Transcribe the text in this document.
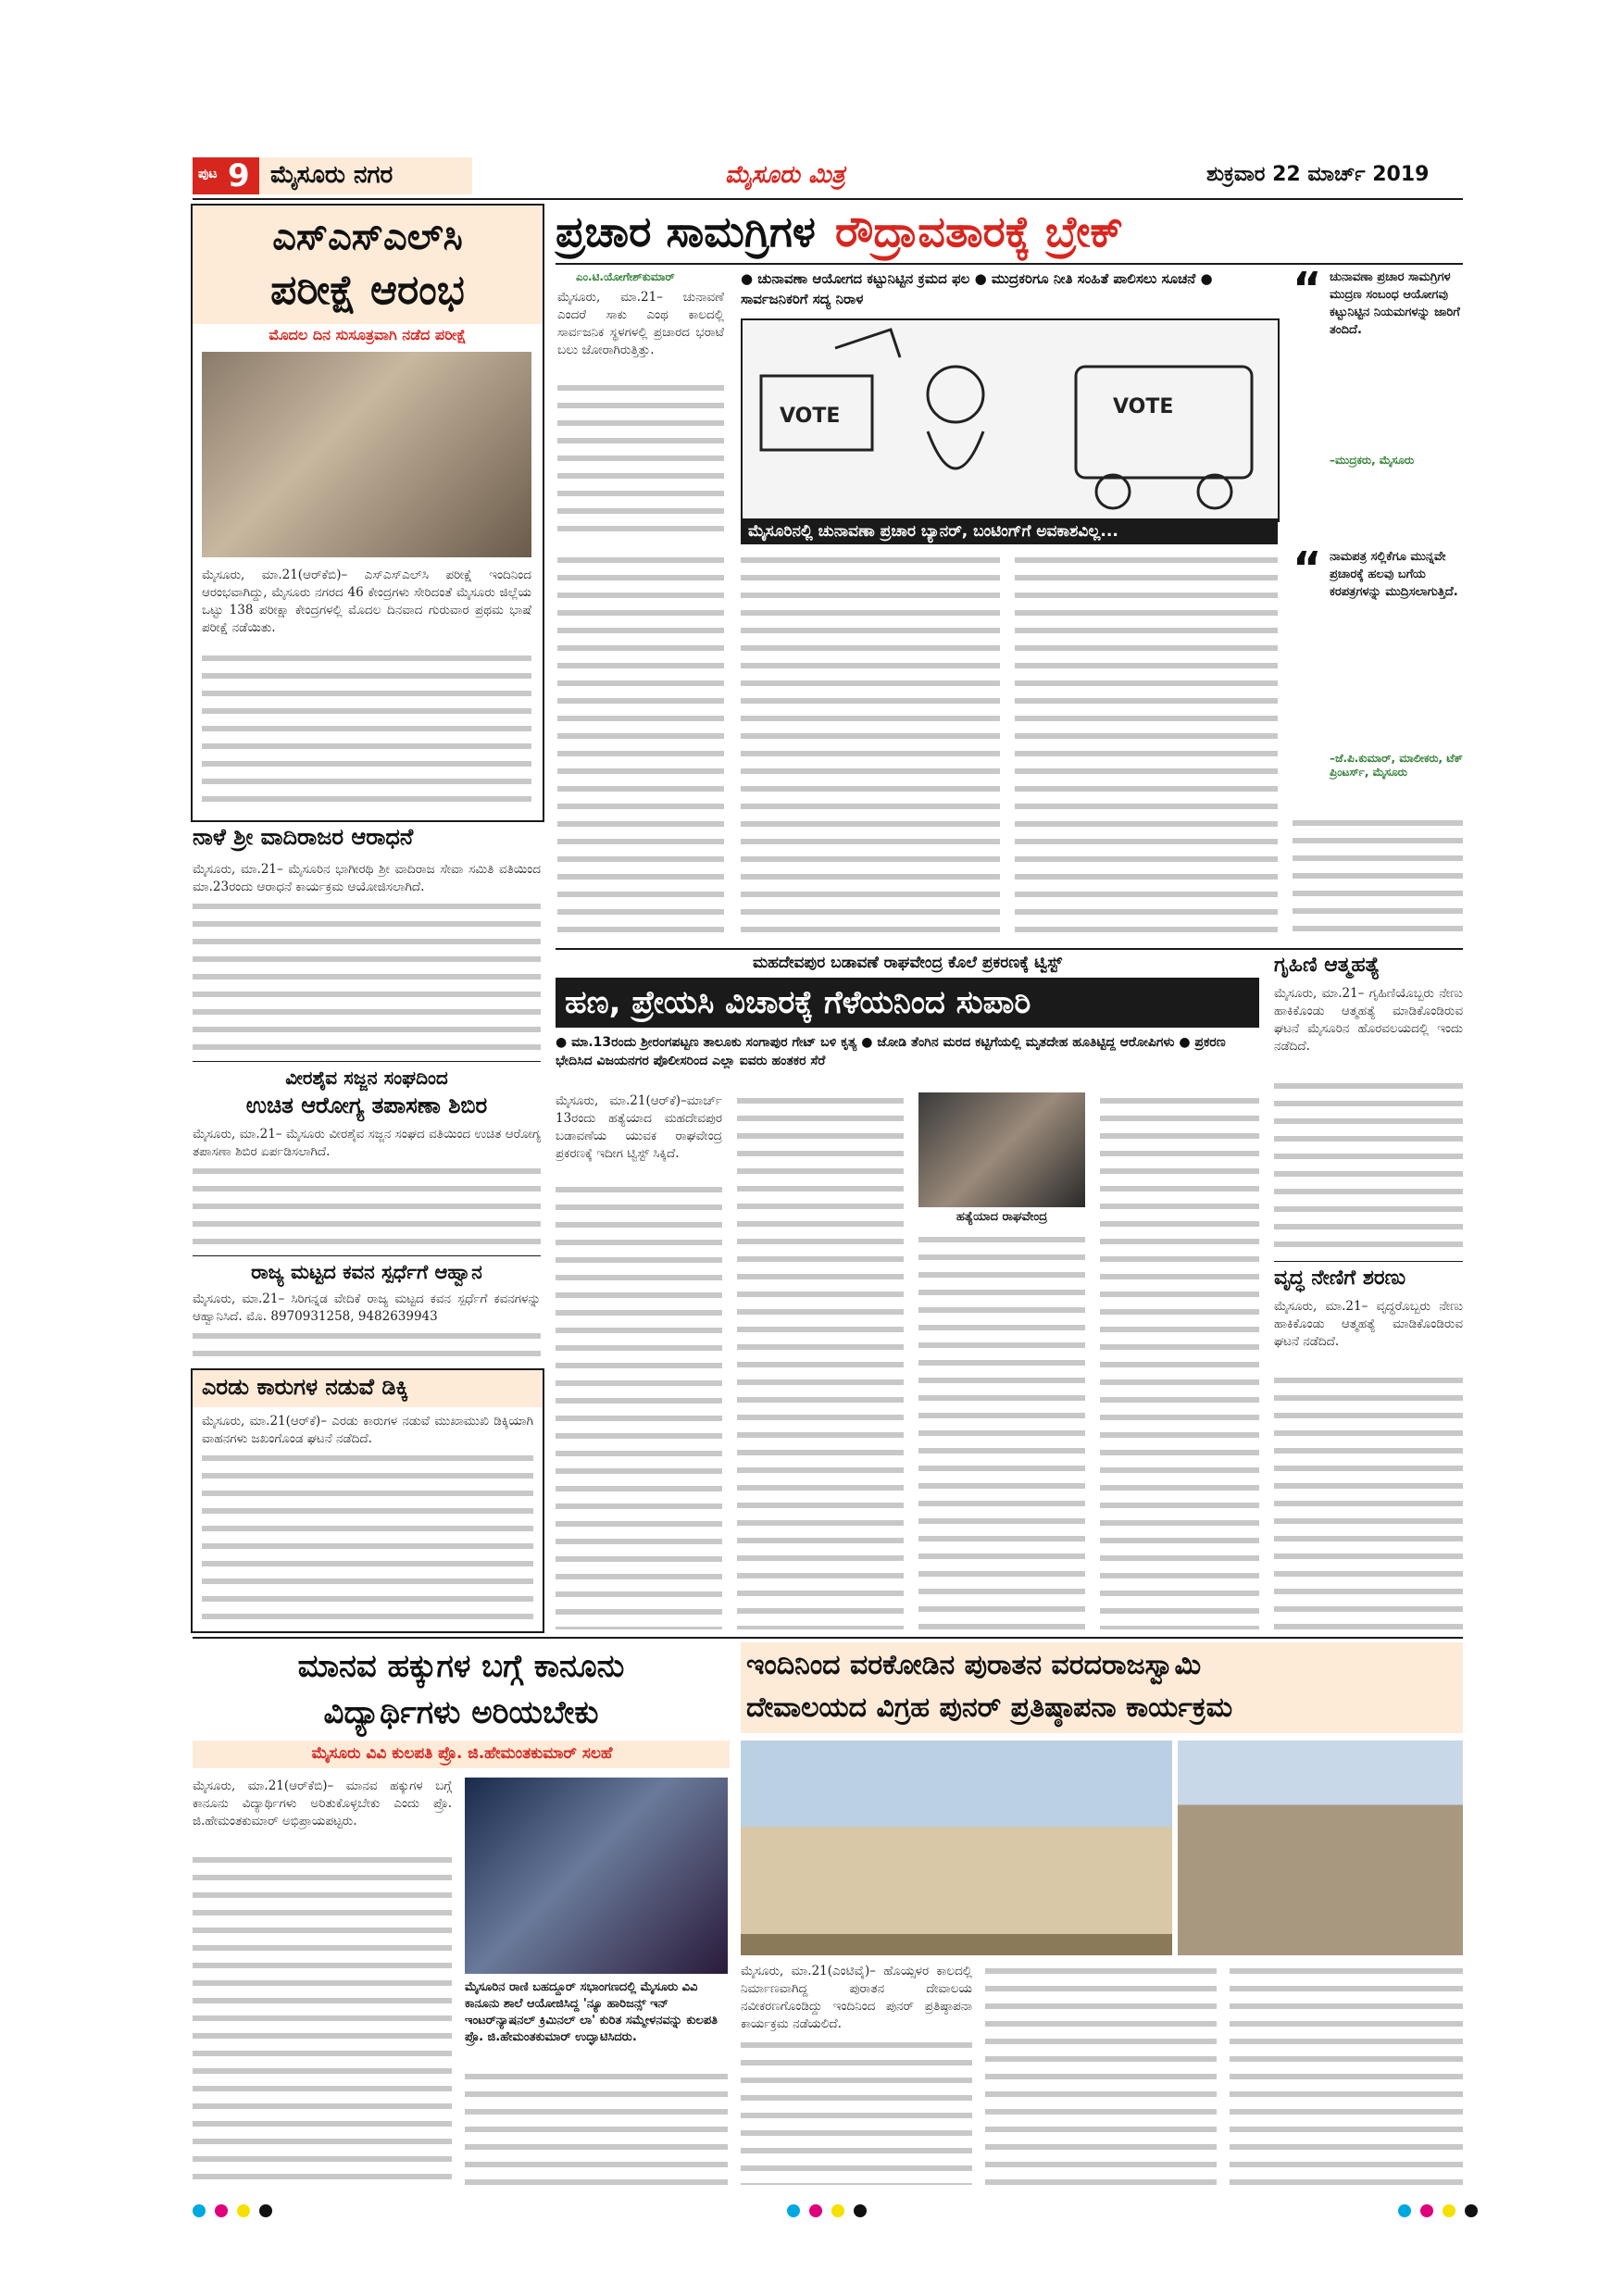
ಪುಟ 9 ಮೈಸೂರು ನಗರ	ಮೈಸೂರು ಮಿತ್ರ	ಶುಕ್ರವಾರ 22 ಮಾರ್ಚ್ 2019
ಎಸ್‌ಎಸ್‌ಎಲ್‌ಸಿ
ಪರೀಕ್ಷೆ ಆರಂಭ
ಮೊದಲ ದಿನ ಸುಸೂತ್ರವಾಗಿ ನಡೆದ ಪರೀಕ್ಷೆ
ಮೈಸೂರು, ಮಾ.21(ಆರ್‌ಕೆಬಿ)– ಎಸ್‌ಎಸ್‌ಎಲ್‌ಸಿ ಪರೀಕ್ಷೆ ಇಂದಿನಿಂದ ಆರಂಭವಾಗಿದ್ದು, ಮೈಸೂರು ನಗರದ 46 ಕೇಂದ್ರಗಳು ಸೇರಿದಂತೆ ಮೈಸೂರು ಜಿಲ್ಲೆಯ ಒಟ್ಟು 138 ಪರೀಕ್ಷಾ ಕೇಂದ್ರಗಳಲ್ಲಿ ಮೊದಲ ದಿನವಾದ ಗುರುವಾರ ಪ್ರಥಮ ಭಾಷೆ ಪರೀಕ್ಷೆ ನಡೆಯಿತು.
ಪ್ರಚಾರ ಸಾಮಗ್ರಿಗಳ ರೌದ್ರಾವತಾರಕ್ಕೆ ಬ್ರೇಕ್
ಎಂ.ಟಿ.ಯೋಗೇಶ್‌ಕುಮಾರ್
ಮೈಸೂರು, ಮಾ.21– ಚುನಾವಣೆ ಎಂದರೆ ಸಾಕು ಎಂಥ ಕಾಲದಲ್ಲಿ ಸಾರ್ವಜನಿಕ ಸ್ಥಳಗಳಲ್ಲಿ ಪ್ರಚಾರದ ಭರಾಟೆ ಬಲು ಜೋರಾಗಿರುತ್ತಿತ್ತು.
● ಚುನಾವಣಾ ಆಯೋಗದ ಕಟ್ಟುನಿಟ್ಟಿನ ಕ್ರಮದ ಫಲ ● ಮುದ್ರಕರಿಗೂ ನೀತಿ ಸಂಹಿತೆ ಪಾಲಿಸಲು ಸೂಚನೆ ● ಸಾರ್ವಜನಿಕರಿಗೆ ಸದ್ಯ ನಿರಾಳ
VOTE	VOTE
ಮೈಸೂರಿನಲ್ಲಿ ಚುನಾವಣಾ ಪ್ರಚಾರ ಬ್ಯಾನರ್, ಬಂಟಿಂಗ್‌ಗೆ ಅವಕಾಶವಿಲ್ಲ...
“ ಚುನಾವಣಾ ಪ್ರಚಾರ ಸಾಮಗ್ರಿಗಳ ಮುದ್ರಣ ಸಂಬಂಧ ಆಯೋಗವು ಕಟ್ಟುನಿಟ್ಟಿನ ನಿಯಮಗಳನ್ನು ಜಾರಿಗೆ ತಂದಿದೆ.
–ಮುದ್ರಕರು, ಮೈಸೂರು
“ ನಾಮಪತ್ರ ಸಲ್ಲಿಕೆಗೂ ಮುನ್ನವೇ ಪ್ರಚಾರಕ್ಕೆ ಹಲವು ಬಗೆಯ ಕರಪತ್ರಗಳನ್ನು ಮುದ್ರಿಸಲಾಗುತ್ತಿದೆ.
–ಜೆ.ಪಿ.ಕುಮಾರ್, ಮಾಲೀಕರು, ಟೆಕ್ ಪ್ರಿಂಟರ್ಸ್, ಮೈಸೂರು
ನಾಳೆ ಶ್ರೀ ವಾದಿರಾಜರ ಆರಾಧನೆ
ಮೈಸೂರು, ಮಾ.21– ಮೈಸೂರಿನ ಭಾಗೀರಥಿ ಶ್ರೀ ವಾದಿರಾಜ ಸೇವಾ ಸಮಿತಿ ವತಿಯಿಂದ ಮಾ.23ರಂದು ಆರಾಧನೆ ಕಾರ್ಯಕ್ರಮ ಆಯೋಜಿಸಲಾಗಿದೆ.
ವೀರಶೈವ ಸಜ್ಜನ ಸಂಘದಿಂದ
ಉಚಿತ ಆರೋಗ್ಯ ತಪಾಸಣಾ ಶಿಬಿರ
ಮೈಸೂರು, ಮಾ.21– ಮೈಸೂರು ವೀರಶೈವ ಸಜ್ಜನ ಸಂಘದ ವತಿಯಿಂದ ಉಚಿತ ಆರೋಗ್ಯ ತಪಾಸಣಾ ಶಿಬಿರ ಏರ್ಪಡಿಸಲಾಗಿದೆ.
ರಾಜ್ಯ ಮಟ್ಟದ ಕವನ ಸ್ಪರ್ಧೆಗೆ ಆಹ್ವಾನ
ಮೈಸೂರು, ಮಾ.21– ಸಿರಿಗನ್ನಡ ವೇದಿಕೆ ರಾಜ್ಯ ಮಟ್ಟದ ಕವನ ಸ್ಪರ್ಧೆಗೆ ಕವನಗಳನ್ನು ಆಹ್ವಾನಿಸಿದೆ. ಮೊ. 8970931258, 9482639943
ಎರಡು ಕಾರುಗಳ ನಡುವೆ ಡಿಕ್ಕಿ
ಮೈಸೂರು, ಮಾ.21(ಆರ್‌ಕೆ)– ಎರಡು ಕಾರುಗಳ ನಡುವೆ ಮುಖಾಮುಖಿ ಡಿಕ್ಕಿಯಾಗಿ ವಾಹನಗಳು ಜಖಂಗೊಂಡ ಘಟನೆ ನಡೆದಿದೆ.
ಮಹದೇವಪುರ ಬಡಾವಣೆ ರಾಘವೇಂದ್ರ ಕೊಲೆ ಪ್ರಕರಣಕ್ಕೆ ಟ್ವಿಸ್ಟ್
ಹಣ, ಪ್ರೇಯಸಿ ವಿಚಾರಕ್ಕೆ ಗೆಳೆಯನಿಂದ ಸುಪಾರಿ
● ಮಾ.13ರಂದು ಶ್ರೀರಂಗಪಟ್ಟಣ ತಾಲೂಕು ಸಂಗಾಪುರ ಗೇಟ್ ಬಳಿ ಕೃತ್ಯ ● ಜೋಡಿ ತೆಂಗಿನ ಮರದ ಕಟ್ಟಿಗೆಯಲ್ಲಿ ಮೃತದೇಹ ಹೂತಿಟ್ಟಿದ್ದ ಆರೋಪಿಗಳು ● ಪ್ರಕರಣ ಭೇದಿಸಿದ ವಿಜಯನಗರ ಪೊಲೀಸರಿಂದ ಎಲ್ಲಾ ಐವರು ಹಂತಕರ ಸೆರೆ
ಮೈಸೂರು, ಮಾ.21(ಆರ್‌ಕೆ)–ಮಾರ್ಚ್ 13ರಂದು ಹತ್ಯೆಯಾದ ಮಹದೇವಪುರ ಬಡಾವಣೆಯ ಯುವಕ ರಾಘವೇಂದ್ರ ಪ್ರಕರಣಕ್ಕೆ ಇದೀಗ ಟ್ವಿಸ್ಟ್ ಸಿಕ್ಕಿದೆ.
ಹತ್ಯೆಯಾದ ರಾಘವೇಂದ್ರ
ಗೃಹಿಣಿ ಆತ್ಮಹತ್ಯೆ
ಮೈಸೂರು, ಮಾ.21– ಗೃಹಿಣಿಯೊಬ್ಬರು ನೇಣು ಹಾಕಿಕೊಂಡು ಆತ್ಮಹತ್ಯೆ ಮಾಡಿಕೊಂಡಿರುವ ಘಟನೆ ಮೈಸೂರಿನ ಹೊರವಲಯದಲ್ಲಿ ಇಂದು ನಡೆದಿದೆ.
ವೃದ್ಧ ನೇಣಿಗೆ ಶರಣು
ಮೈಸೂರು, ಮಾ.21– ವೃದ್ಧರೊಬ್ಬರು ನೇಣು ಹಾಕಿಕೊಂಡು ಆತ್ಮಹತ್ಯೆ ಮಾಡಿಕೊಂಡಿರುವ ಘಟನೆ ನಡೆದಿದೆ.
ಮಾನವ ಹಕ್ಕುಗಳ ಬಗ್ಗೆ ಕಾನೂನು
ವಿದ್ಯಾರ್ಥಿಗಳು ಅರಿಯಬೇಕು
ಮೈಸೂರು ವಿವಿ ಕುಲಪತಿ ಪ್ರೊ. ಜಿ.ಹೇಮಂತಕುಮಾರ್ ಸಲಹೆ
ಮೈಸೂರು, ಮಾ.21(ಆರ್‌ಕೆಬಿ)– ಮಾನವ ಹಕ್ಕುಗಳ ಬಗ್ಗೆ ಕಾನೂನು ವಿದ್ಯಾರ್ಥಿಗಳು ಅರಿತುಕೊಳ್ಳಬೇಕು ಎಂದು ಪ್ರೊ. ಜಿ.ಹೇಮಂತಕುಮಾರ್ ಅಭಿಪ್ರಾಯಪಟ್ಟರು.
ಮೈಸೂರಿನ ರಾಣಿ ಬಹದ್ದೂರ್ ಸಭಾಂಗಣದಲ್ಲಿ ಮೈಸೂರು ವಿವಿ ಕಾನೂನು ಶಾಲೆ ಆಯೋಜಿಸಿದ್ದ 'ನ್ಯೂ ಹಾರಿಜನ್ಸ್ ಇನ್ ಇಂಟರ್‌ನ್ಯಾಷನಲ್ ಕ್ರಿಮಿನಲ್ ಲಾ' ಕುರಿತ ಸಮ್ಮೇಳನವನ್ನು ಕುಲಪತಿ ಪ್ರೊ. ಜಿ.ಹೇಮಂತಕುಮಾರ್ ಉದ್ಘಾಟಿಸಿದರು.
ಇಂದಿನಿಂದ ವರಕೋಡಿನ ಪುರಾತನ ವರದರಾಜಸ್ವಾಮಿ
ದೇವಾಲಯದ ವಿಗ್ರಹ ಪುನರ್ ಪ್ರತಿಷ್ಠಾಪನಾ ಕಾರ್ಯಕ್ರಮ
ಮೈಸೂರು, ಮಾ.21(ಎಂಟಿವೈ)– ಹೊಯ್ಸಳರ ಕಾಲದಲ್ಲಿ ನಿರ್ಮಾಣವಾಗಿದ್ದ ಪುರಾತನ ದೇವಾಲಯ ನವೀಕರಣಗೊಂಡಿದ್ದು ಇಂದಿನಿಂದ ಪುನರ್ ಪ್ರತಿಷ್ಠಾಪನಾ ಕಾರ್ಯಕ್ರಮ ನಡೆಯಲಿದೆ.
